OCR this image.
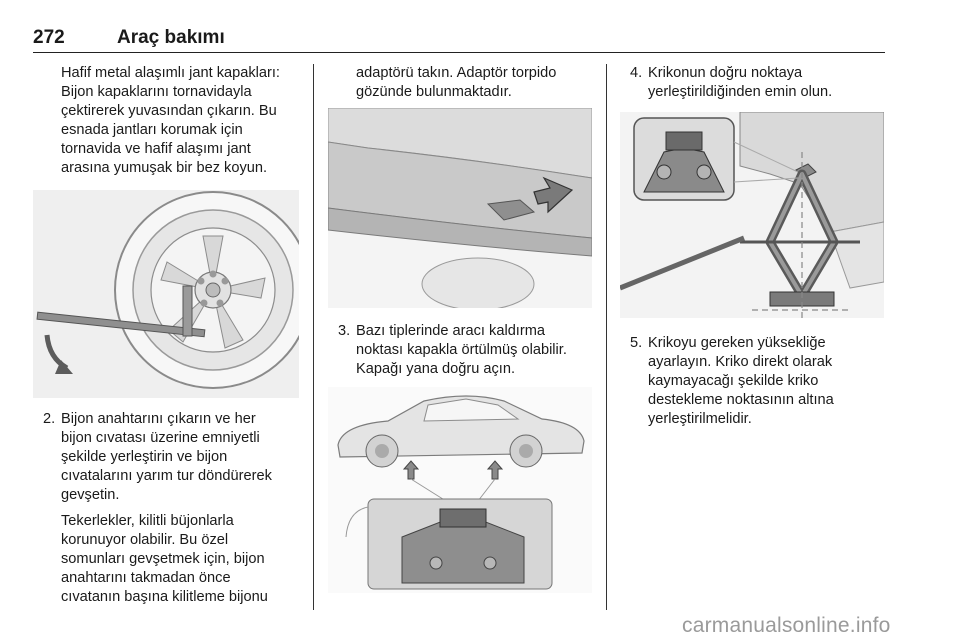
272	Araç bakımı
Hafif metal alaşımlı jant kapakları:
Bijon kapaklarını tornavidayla
çektirerek yuvasından çıkarın. Bu
esnada jantları korumak için
tornavida ve hafif alaşımı jant
arasına yumuşak bir bez koyun.
2. Bijon anahtarını çıkarın ve her
bijon cıvatası üzerine emniyetli
şekilde yerleştirin ve bijon
cıvatalarını yarım tur döndürerek
gevşetin.
Tekerlekler, kilitli büjonlarla
korunuyor olabilir. Bu özel
somunları gevşetmek için, bijon
anahtarını takmadan önce
cıvatanın başına kilitleme bijonu
adaptörü takın. Adaptör torpido
gözünde bulunmaktadır.
3. Bazı tiplerinde aracı kaldırma
noktası kapakla örtülmüş olabilir.
Kapağı yana doğru açın.
4. Krikonun doğru noktaya
yerleştirildiğinden emin olun.
5. Krikoyu gereken yüksekliğe
ayarlayın. Kriko direkt olarak
kaymayacağı şekilde kriko
destekleme noktasının altına
yerleştirilmelidir.
carmanualsonline.info
